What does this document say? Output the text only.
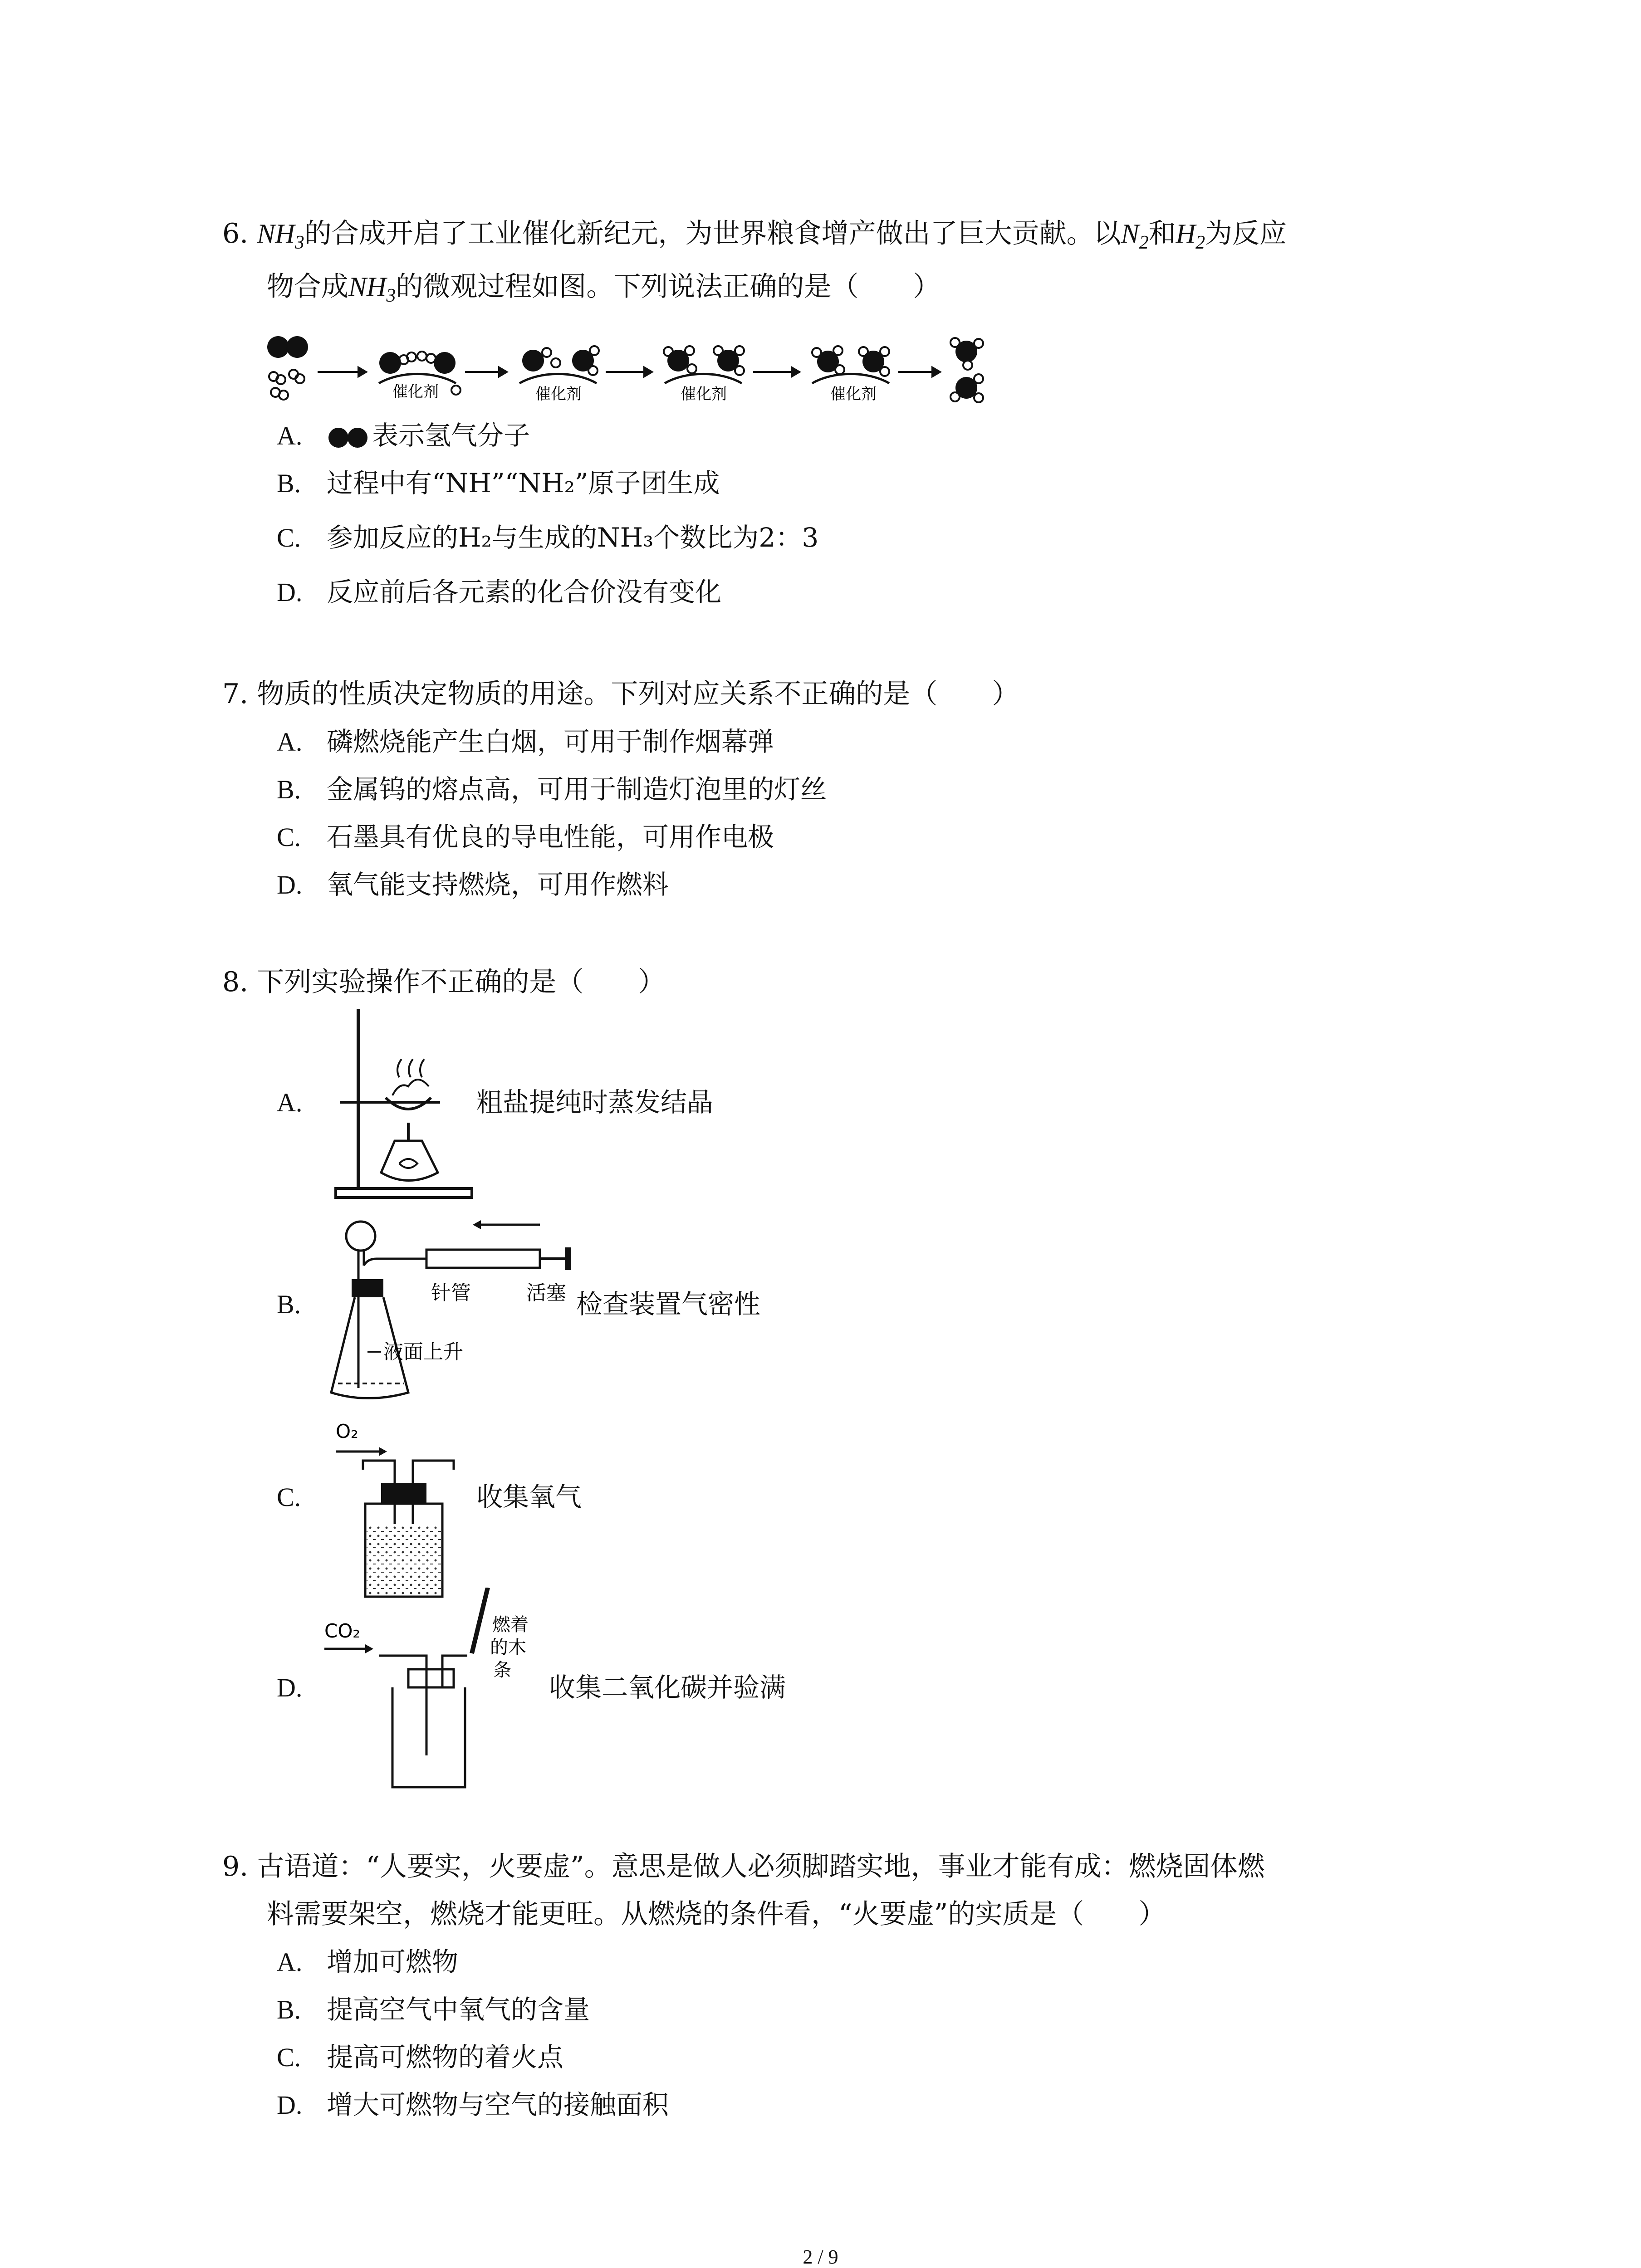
6. $NH_3$的合成开启了工业催化新纪元，为世界粮食增产做出了巨大贡献。以$N_2$和$H_2$为反应
物合成$NH_3$的微观过程如图。下列说法正确的是（　　）
催化剂	催化剂	催化剂	催化剂
A.	表示氢气分子
B. 过程中有“NH”“NH₂”原子团生成
C. 参加反应的H₂与生成的NH₃个数比为2：3
D. 反应前后各元素的化合价没有变化
7. 物质的性质决定物质的用途。下列对应关系不正确的是（　　）
A. 磷燃烧能产生白烟，可用于制作烟幕弹
B. 金属钨的熔点高，可用于制造灯泡里的灯丝
C. 石墨具有优良的导电性能，可用作电极
D. 氧气能支持燃烧，可用作燃料
8. 下列实验操作不正确的是（　　）
A.	粗盐提纯时蒸发结晶
B.	针管	活塞
液面上升
检查装置气密性
C.
O₂
收集氧气
D.
CO₂	燃着
的木
条
收集二氧化碳并验满
9. 古语道：“人要实，火要虚”。意思是做人必须脚踏实地，事业才能有成：燃烧固体燃
料需要架空，燃烧才能更旺。从燃烧的条件看，“火要虚”的实质是（　　）
A. 增加可燃物
B. 提高空气中氧气的含量
C. 提高可燃物的着火点
D. 增大可燃物与空气的接触面积
2 / 9
